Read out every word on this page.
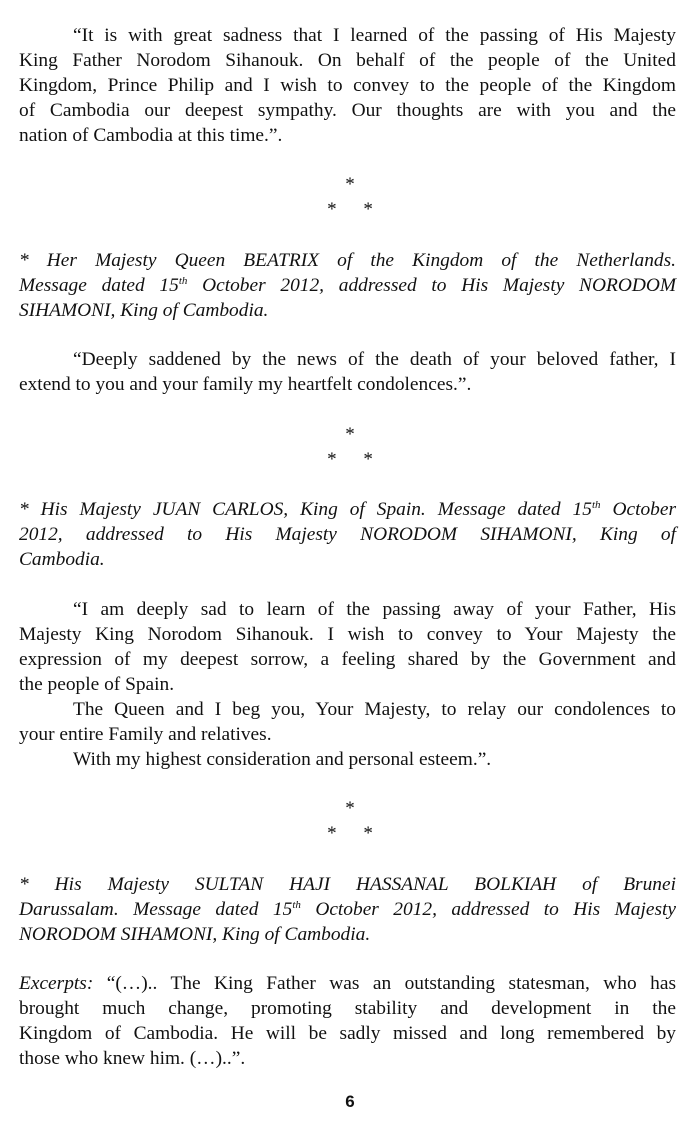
“It is with great sadness that I learned of the passing of His Majesty
King Father Norodom Sihanouk. On behalf of the people of the United
Kingdom, Prince Philip and I wish to convey to the people of the Kingdom
of Cambodia our deepest sympathy. Our thoughts are with you and the
nation of Cambodia at this time.”.
*
* *
* Her Majesty Queen BEATRIX of the Kingdom of the Netherlands.
Message dated 15th October 2012, addressed to His Majesty NORODOM
SIHAMONI, King of Cambodia.
“Deeply saddened by the news of the death of your beloved father, I
extend to you and your family my heartfelt condolences.”.
*
* *
* His Majesty JUAN CARLOS, King of Spain. Message dated 15th October
2012, addressed to His Majesty NORODOM SIHAMONI, King of
Cambodia.
“I am deeply sad to learn of the passing away of your Father, His
Majesty King Norodom Sihanouk. I wish to convey to Your Majesty the
expression of my deepest sorrow, a feeling shared by the Government and
the people of Spain.
The Queen and I beg you, Your Majesty, to relay our condolences to
your entire Family and relatives.
With my highest consideration and personal esteem.”.
*
* *
* His Majesty SULTAN HAJI HASSANAL BOLKIAH of Brunei
Darussalam. Message dated 15th October 2012, addressed to His Majesty
NORODOM SIHAMONI, King of Cambodia.
Excerpts: “(…).. The King Father was an outstanding statesman, who has
brought much change, promoting stability and development in the
Kingdom of Cambodia. He will be sadly missed and long remembered by
those who knew him. (…)..”.
6
